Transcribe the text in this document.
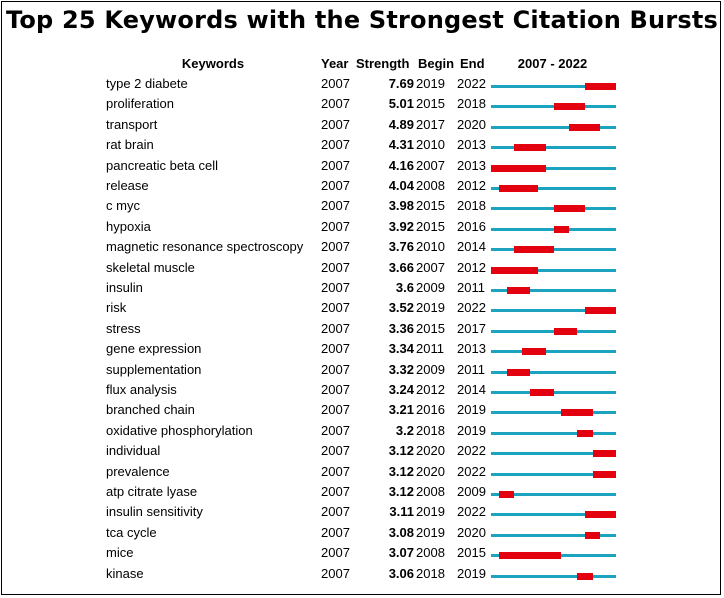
Top 25 Keywords with the Strongest Citation Bursts
Keywords	Year Strength Begin End	2007 - 2022
type 2 diabete	2007	7.69 2019 2022
proliferation	2007	5.01 2015 2018
transport	2007	4.89 2017 2020
rat brain	2007	4.31 2010 2013
pancreatic beta cell	2007	4.16 2007 2013
release	2007	4.04 2008 2012
c myc	2007	3.98 2015 2018
hypoxia	2007	3.92 2015 2016
magnetic resonance spectroscopy 2007	3.76 2010 2014
skeletal muscle	2007	3.66 2007 2012
insulin	2007	3.6 2009 2011
risk	2007	3.52 2019 2022
stress	2007	3.36 2015 2017
gene expression	2007	3.34 2011 2013
supplementation	2007	3.32 2009 2011
flux analysis	2007	3.24 2012 2014
branched chain	2007	3.21 2016 2019
oxidative phosphorylation	2007	3.2 2018 2019
individual	2007	3.12 2020 2022
prevalence	2007	3.12 2020 2022
atp citrate lyase	2007	3.12 2008 2009
insulin sensitivity	2007	3.11 2019 2022
tca cycle	2007	3.08 2019 2020
mice	2007	3.07 2008 2015
kinase	2007	3.06 2018 2019
